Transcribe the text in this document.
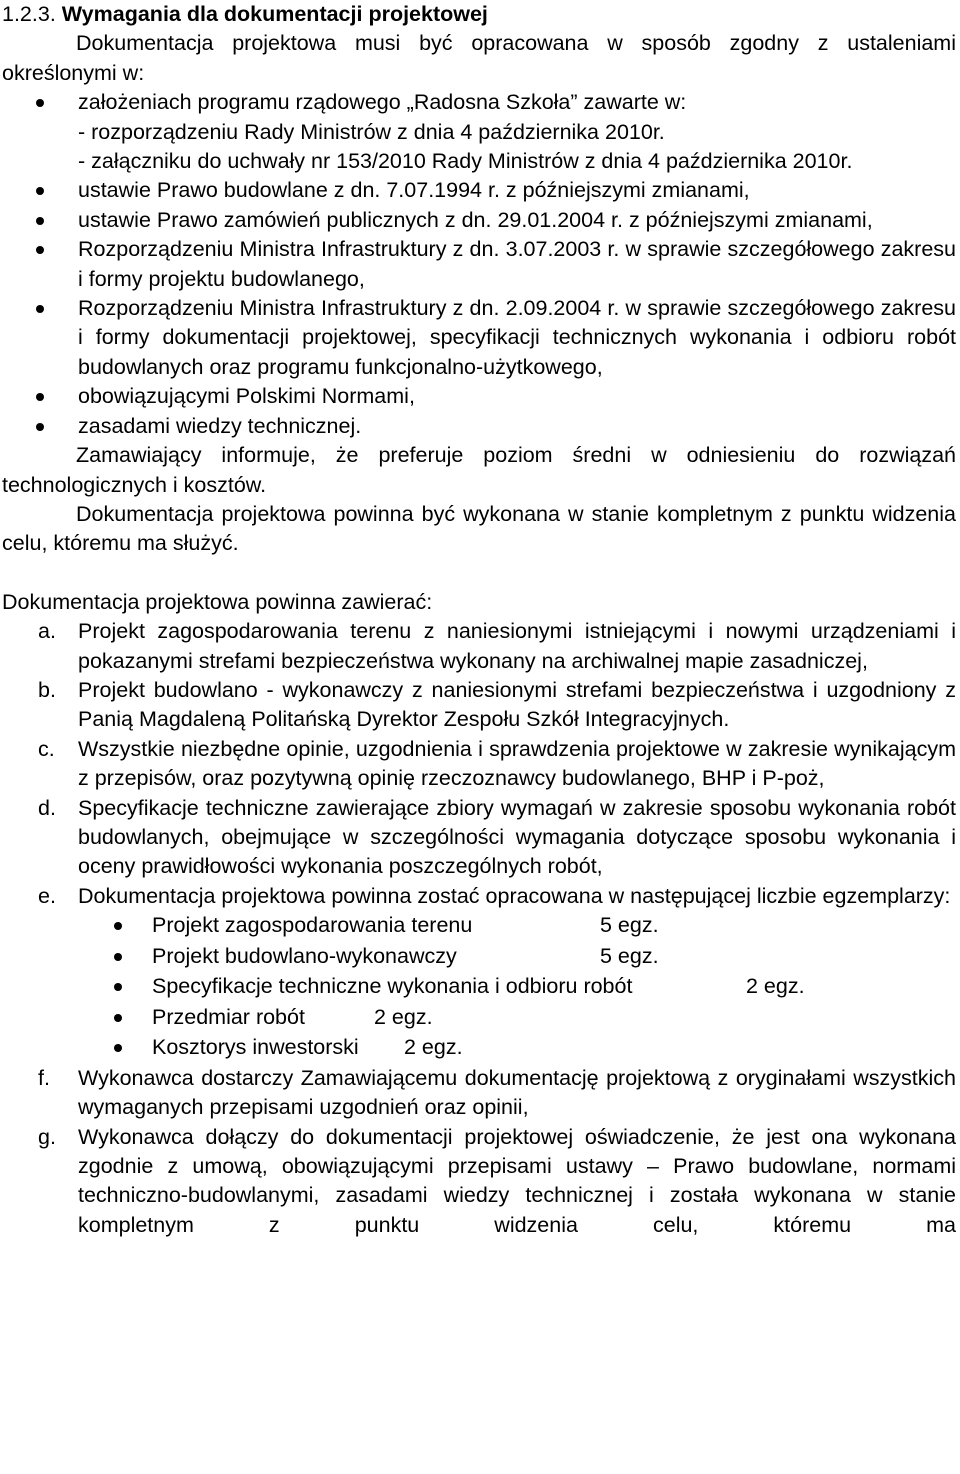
1.2.3. Wymagania dla dokumentacji projektowej

Dokumentacja projektowa musi być opracowana w sposób zgodny z ustaleniami określonymi w:

założeniach programu rządowego „Radosna Szkoła” zawarte w:
- rozporządzeniu Rady Ministrów z dnia 4 października 2010r.
- załączniku do uchwały nr 153/2010 Rady Ministrów z dnia 4 października 2010r.
ustawie Prawo budowlane z dn. 7.07.1994 r. z późniejszymi zmianami,
ustawie Prawo zamówień publicznych z dn. 29.01.2004 r. z późniejszymi zmianami,
Rozporządzeniu Ministra Infrastruktury z dn. 3.07.2003 r. w sprawie szczegółowego zakresu i formy projektu budowlanego,
Rozporządzeniu Ministra Infrastruktury z dn. 2.09.2004 r. w sprawie szczegółowego zakresu i formy dokumentacji projektowej, specyfikacji technicznych wykonania i odbioru robót budowlanych oraz programu funkcjonalno-użytkowego,
obowiązującymi Polskimi Normami,
zasadami wiedzy technicznej.

Zamawiający informuje, że preferuje poziom średni w odniesieniu do rozwiązań technologicznych i kosztów.

Dokumentacja projektowa powinna być wykonana w stanie kompletnym z punktu widzenia celu, któremu ma służyć.

Dokumentacja projektowa powinna zawierać:

a. Projekt zagospodarowania terenu z naniesionymi istniejącymi i nowymi urządzeniami i pokazanymi strefami bezpieczeństwa wykonany na archiwalnej mapie zasadniczej,
b. Projekt budowlano - wykonawczy z naniesionymi strefami bezpieczeństwa i uzgodniony z Panią Magdaleną Politańską Dyrektor Zespołu Szkół Integracyjnych.
c. Wszystkie niezbędne opinie, uzgodnienia i sprawdzenia projektowe w zakresie wynikającym z przepisów, oraz pozytywną opinię rzeczoznawcy budowlanego, BHP i P-poż,
d. Specyfikacje techniczne zawierające zbiory wymagań w zakresie sposobu wykonania robót budowlanych, obejmujące w szczególności wymagania dotyczące sposobu wykonania i oceny prawidłowości wykonania poszczególnych robót,
e. Dokumentacja projektowa powinna zostać opracowana w następującej liczbie egzemplarzy:
Projekt zagospodarowania terenu	5 egz.
Projekt budowlano-wykonawczy	5 egz.
Specyfikacje techniczne wykonania i odbioru robót	2 egz.
Przedmiar robót	2 egz.
Kosztorys inwestorski 2 egz.
f. Wykonawca dostarczy Zamawiającemu dokumentację projektową z oryginałami wszystkich wymaganych przepisami uzgodnień oraz opinii,
g. Wykonawca dołączy do dokumentacji projektowej oświadczenie, że jest ona wykonana zgodnie z umową, obowiązującymi przepisami ustawy – Prawo budowlane, normami techniczno-budowlanymi, zasadami wiedzy technicznej i została wykonana w stanie kompletnym z punktu widzenia celu, któremu ma
